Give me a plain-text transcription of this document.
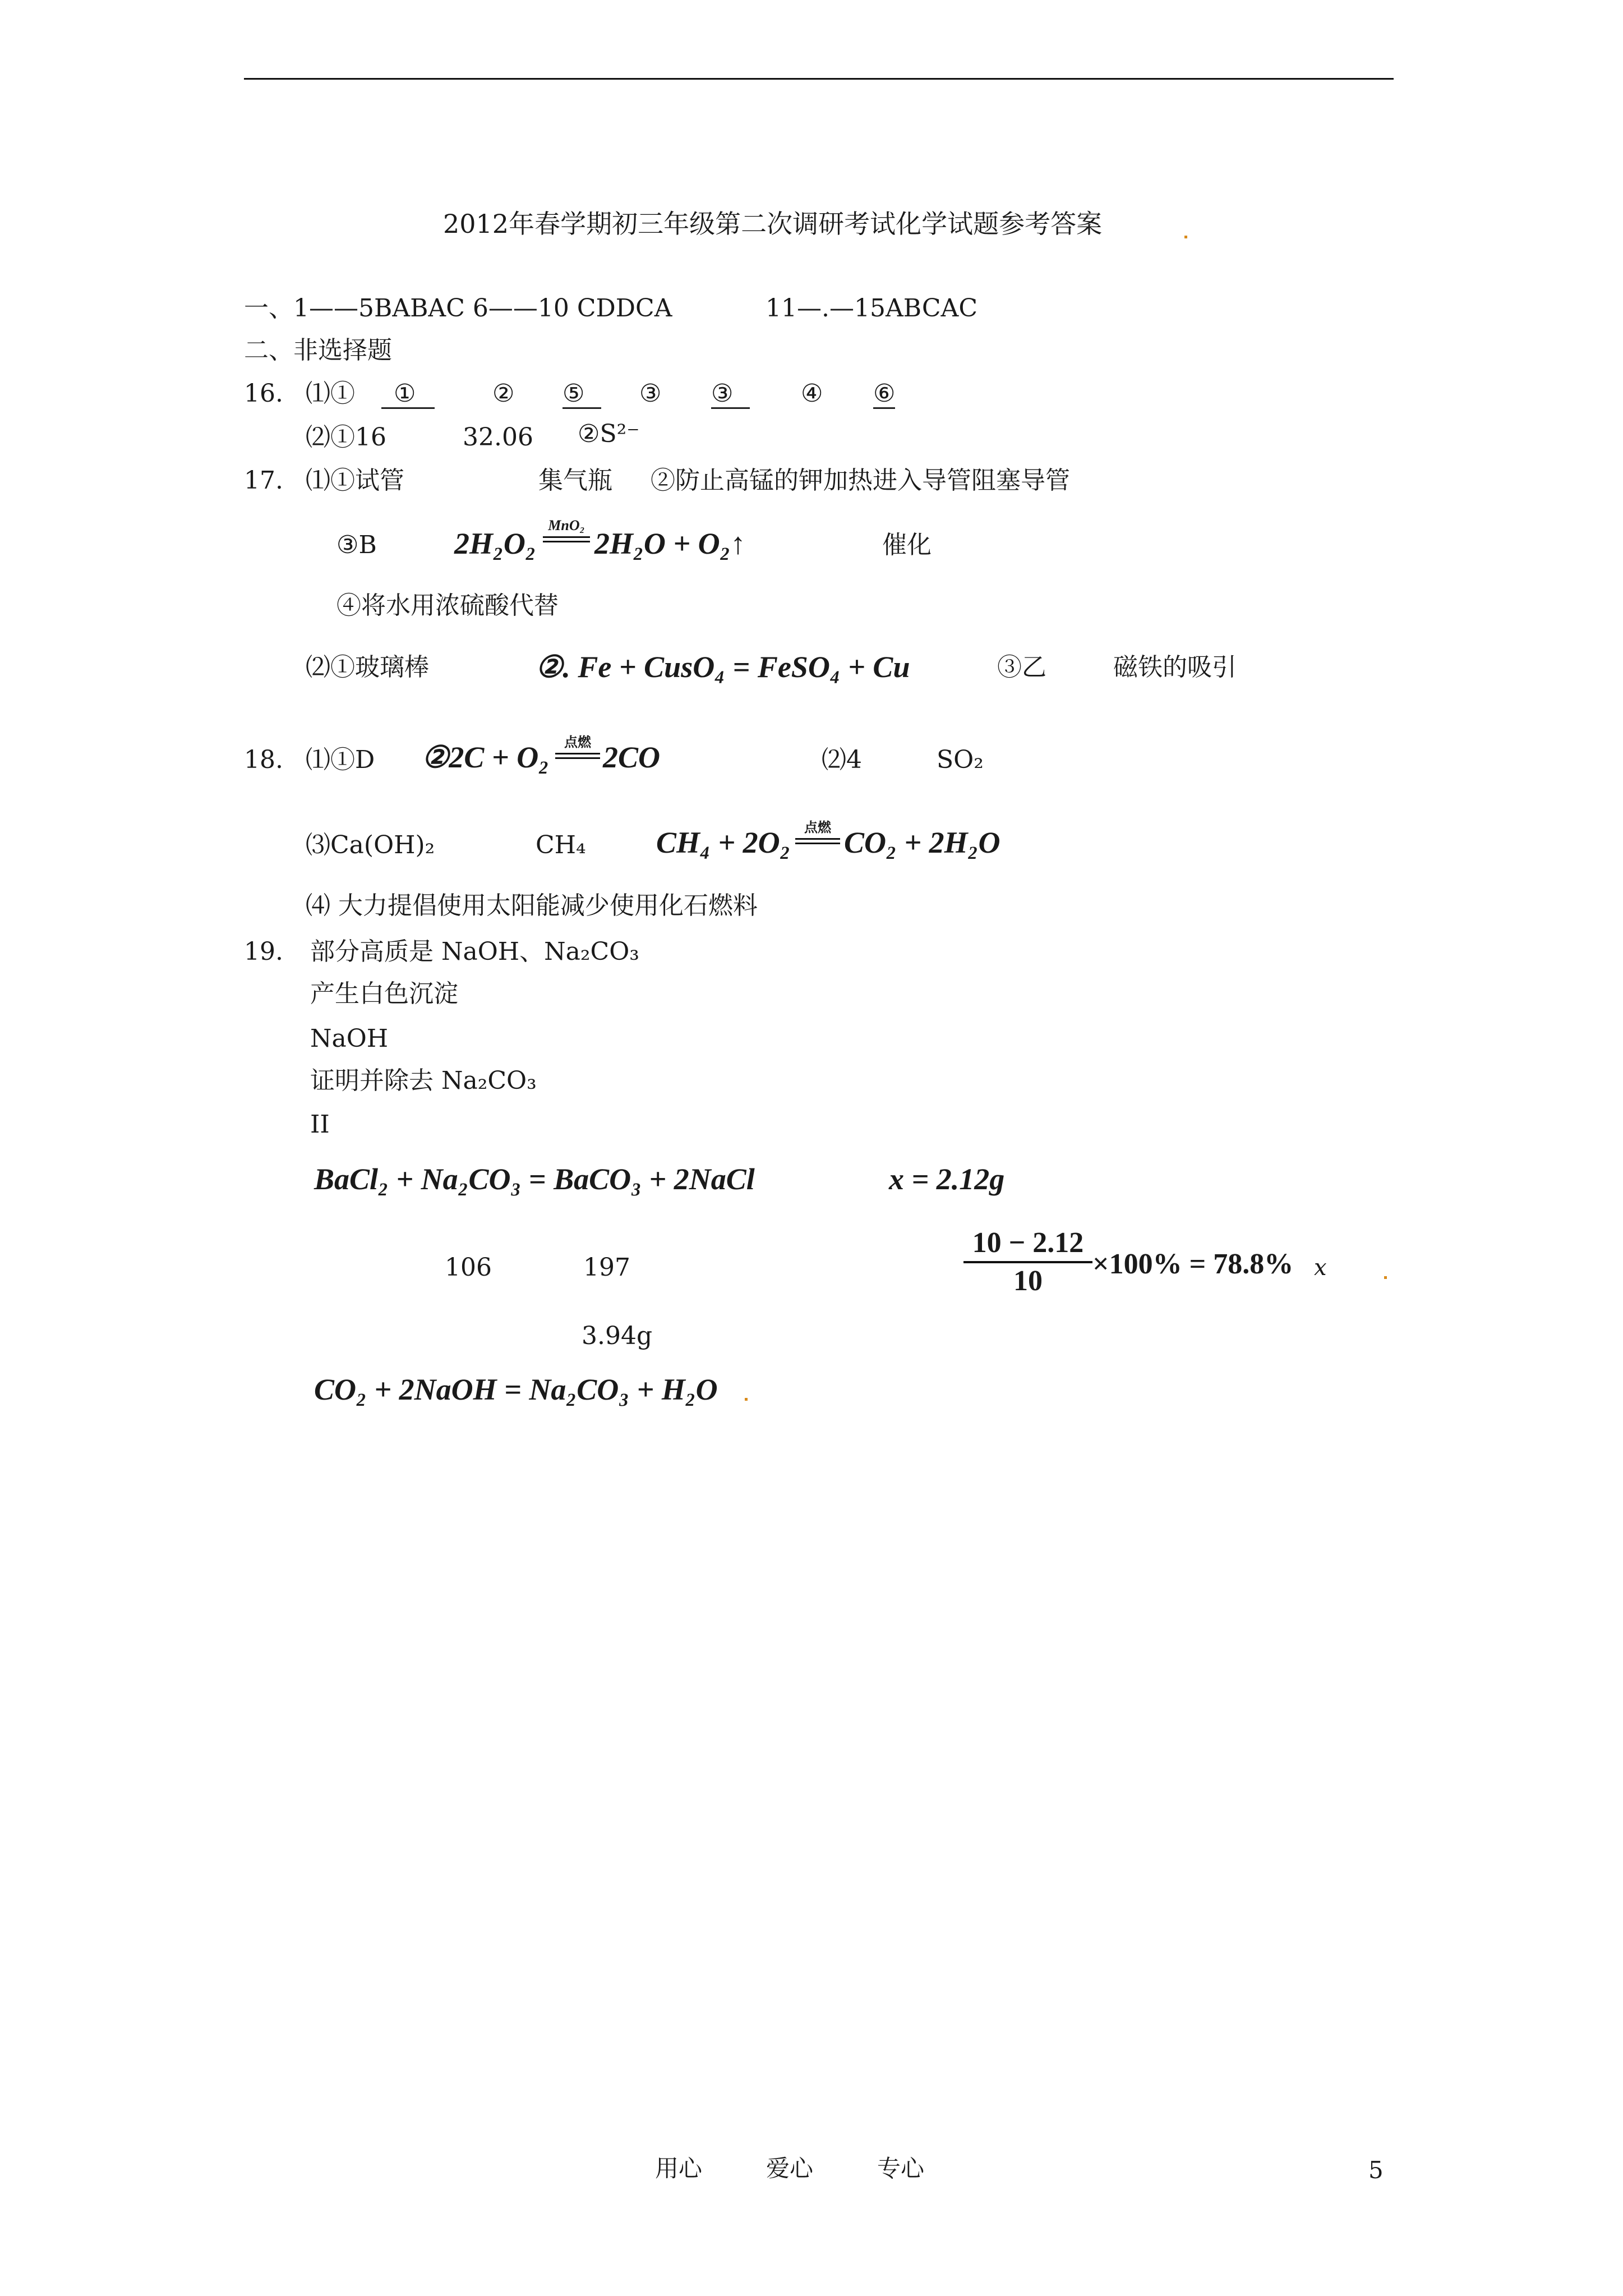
2012年春学期初三年级第二次调研考试化学试题参考答案
一、1——5BABAC 6——10 CDDCA	11—.—15ABCAC
二、非选择题
16. ⑴①	①	② ⑤	③ ③	④ ⑥
⑵①16	32.06 ②S²⁻
17. ⑴①试管	集气瓶 ②防止高锰的钾加热进入导管阻塞导管
③B	2H₂O₂
MnO₂
2H₂O + O₂↑	催化
④将水用浓硫酸代替
⑵①玻璃棒	②. Fe + CusO₄ = FeSO₄ + Cu	③乙	磁铁的吸引
18. ⑴①D ②2C + O₂	点燃 2CO	⑵4	SO₂
⑶Ca(OH)₂	CH₄ CH₄ + 2O₂	点燃 CO₂ + 2H₂O
⑷ 大力提倡使用太阳能减少使用化石燃料
19. 部分高质是 NaOH、Na₂CO₃
产生白色沉淀
NaOH
证明并除去 Na₂CO₃
II
BaCl₂ + Na₂CO₃ = BaCO₃ + 2NaCl	x = 2.12g
106	197
3.94g
10 − 2.12
10
×100% = 78.8% x
CO₂ + 2NaOH = Na₂CO₃ + H₂O
用心	爱心	专心	5
